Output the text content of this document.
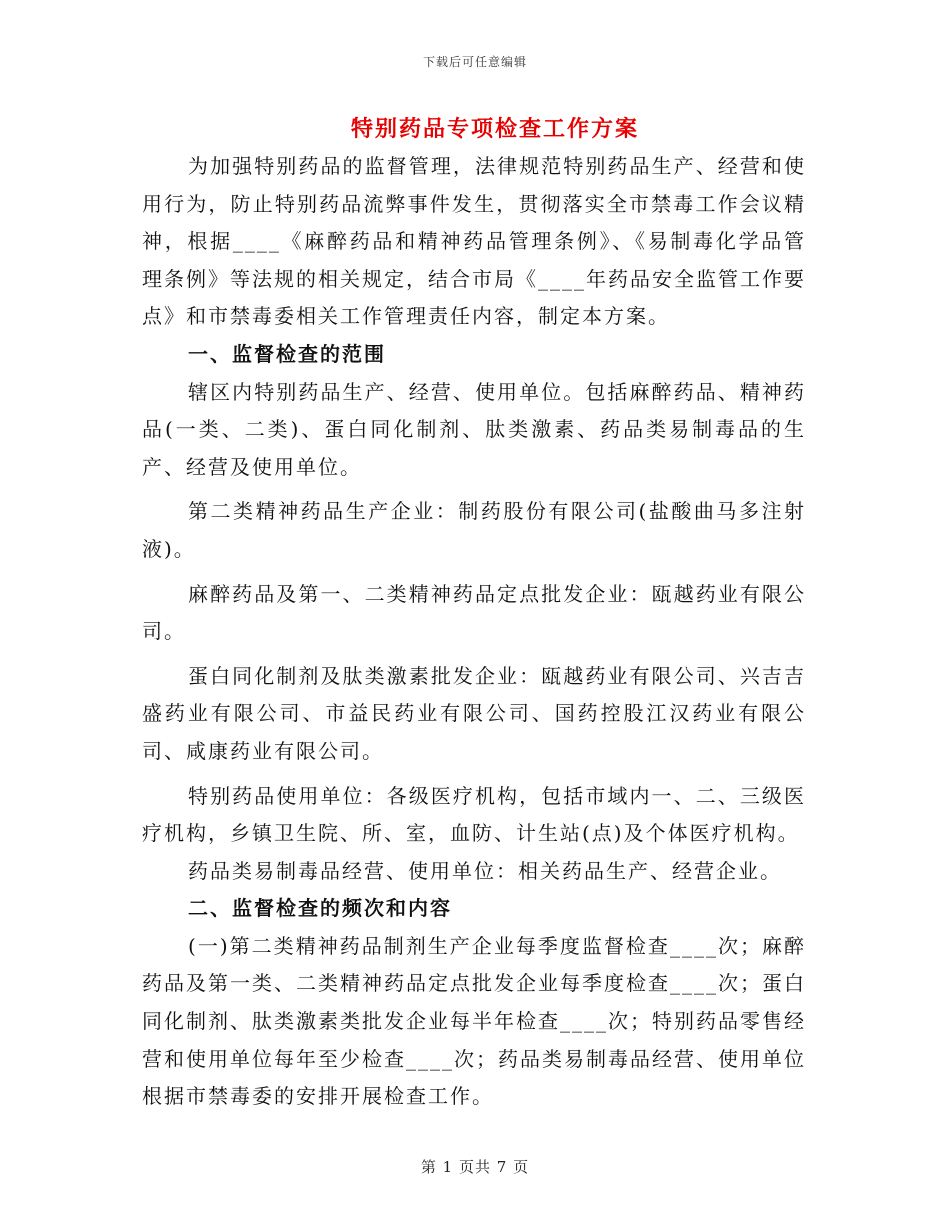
下载后可任意编辑
特别药品专项检查工作方案

为加强特别药品的监督管理，法律规范特别药品生产、经营和使用行为，防止特别药品流弊事件发生，贯彻落实全市禁毒工作会议精神，根据____《麻醉药品和精神药品管理条例》、《易制毒化学品管理条例》等法规的相关规定，结合市局《____年药品安全监管工作要点》和市禁毒委相关工作管理责任内容，制定本方案。

一、监督检查的范围

辖区内特别药品生产、经营、使用单位。包括麻醉药品、精神药品(一类、二类)、蛋白同化制剂、肽类激素、药品类易制毒品的生产、经营及使用单位。

第二类精神药品生产企业：制药股份有限公司(盐酸曲马多注射液)。

麻醉药品及第一、二类精神药品定点批发企业：瓯越药业有限公司。

蛋白同化制剂及肽类激素批发企业：瓯越药业有限公司、兴吉吉盛药业有限公司、市益民药业有限公司、国药控股江汉药业有限公司、咸康药业有限公司。

特别药品使用单位：各级医疗机构，包括市域内一、二、三级医疗机构，乡镇卫生院、所、室，血防、计生站(点)及个体医疗机构。

药品类易制毒品经营、使用单位：相关药品生产、经营企业。

二、监督检查的频次和内容

(一)第二类精神药品制剂生产企业每季度监督检查____次；麻醉药品及第一类、二类精神药品定点批发企业每季度检查____次；蛋白同化制剂、肽类激素类批发企业每半年检查____次；特别药品零售经营和使用单位每年至少检查____次；药品类易制毒品经营、使用单位根据市禁毒委的安排开展检查工作。

第 1 页共 7 页
